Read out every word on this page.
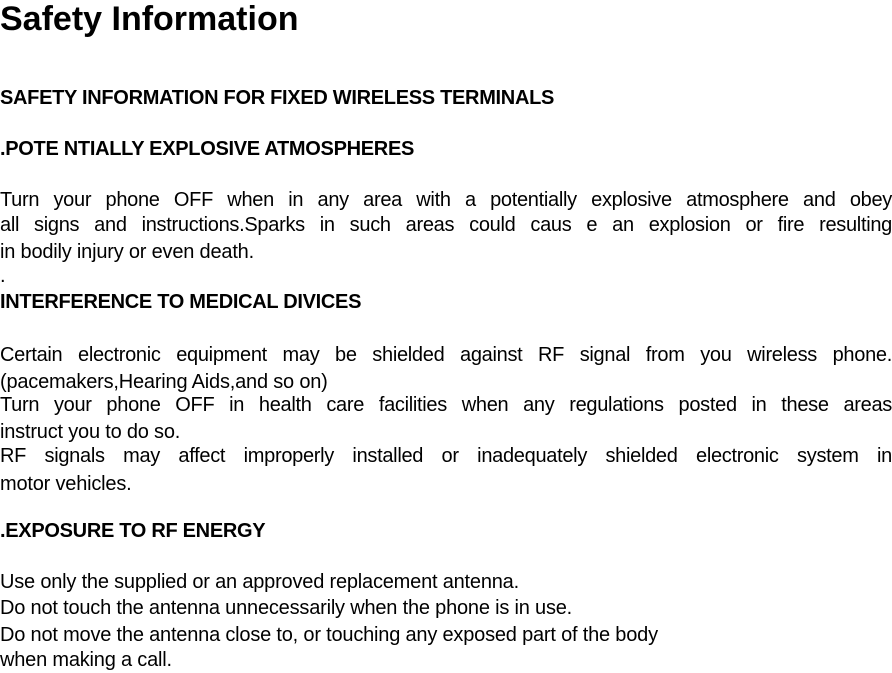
Safety Information
SAFETY INFORMATION FOR FIXED WIRELESS TERMINALS
.POTE NTIALLY EXPLOSIVE ATMOSPHERES

Turn your phone OFF when in any area with a potentially explosive atmosphere and obey

all signs and instructions.Sparks in such areas could caus e an explosion or fire resulting

in bodily injury or even death.

.

INTERFERENCE TO MEDICAL DIVICES

Certain electronic equipment may be shielded against RF signal from you wireless phone.

(pacemakers,Hearing Aids,and so on)

Turn your phone OFF in health care facilities when any regulations posted in these areas

instruct you to do so.

RF signals may affect improperly installed or inadequately shielded electronic system in

motor vehicles.

.EXPOSURE TO RF ENERGY

Use only the supplied or an approved replacement antenna.

Do not touch the antenna unnecessarily when the phone is in use.

Do not move the antenna close to, or touching any exposed part of the body

when making a call.
